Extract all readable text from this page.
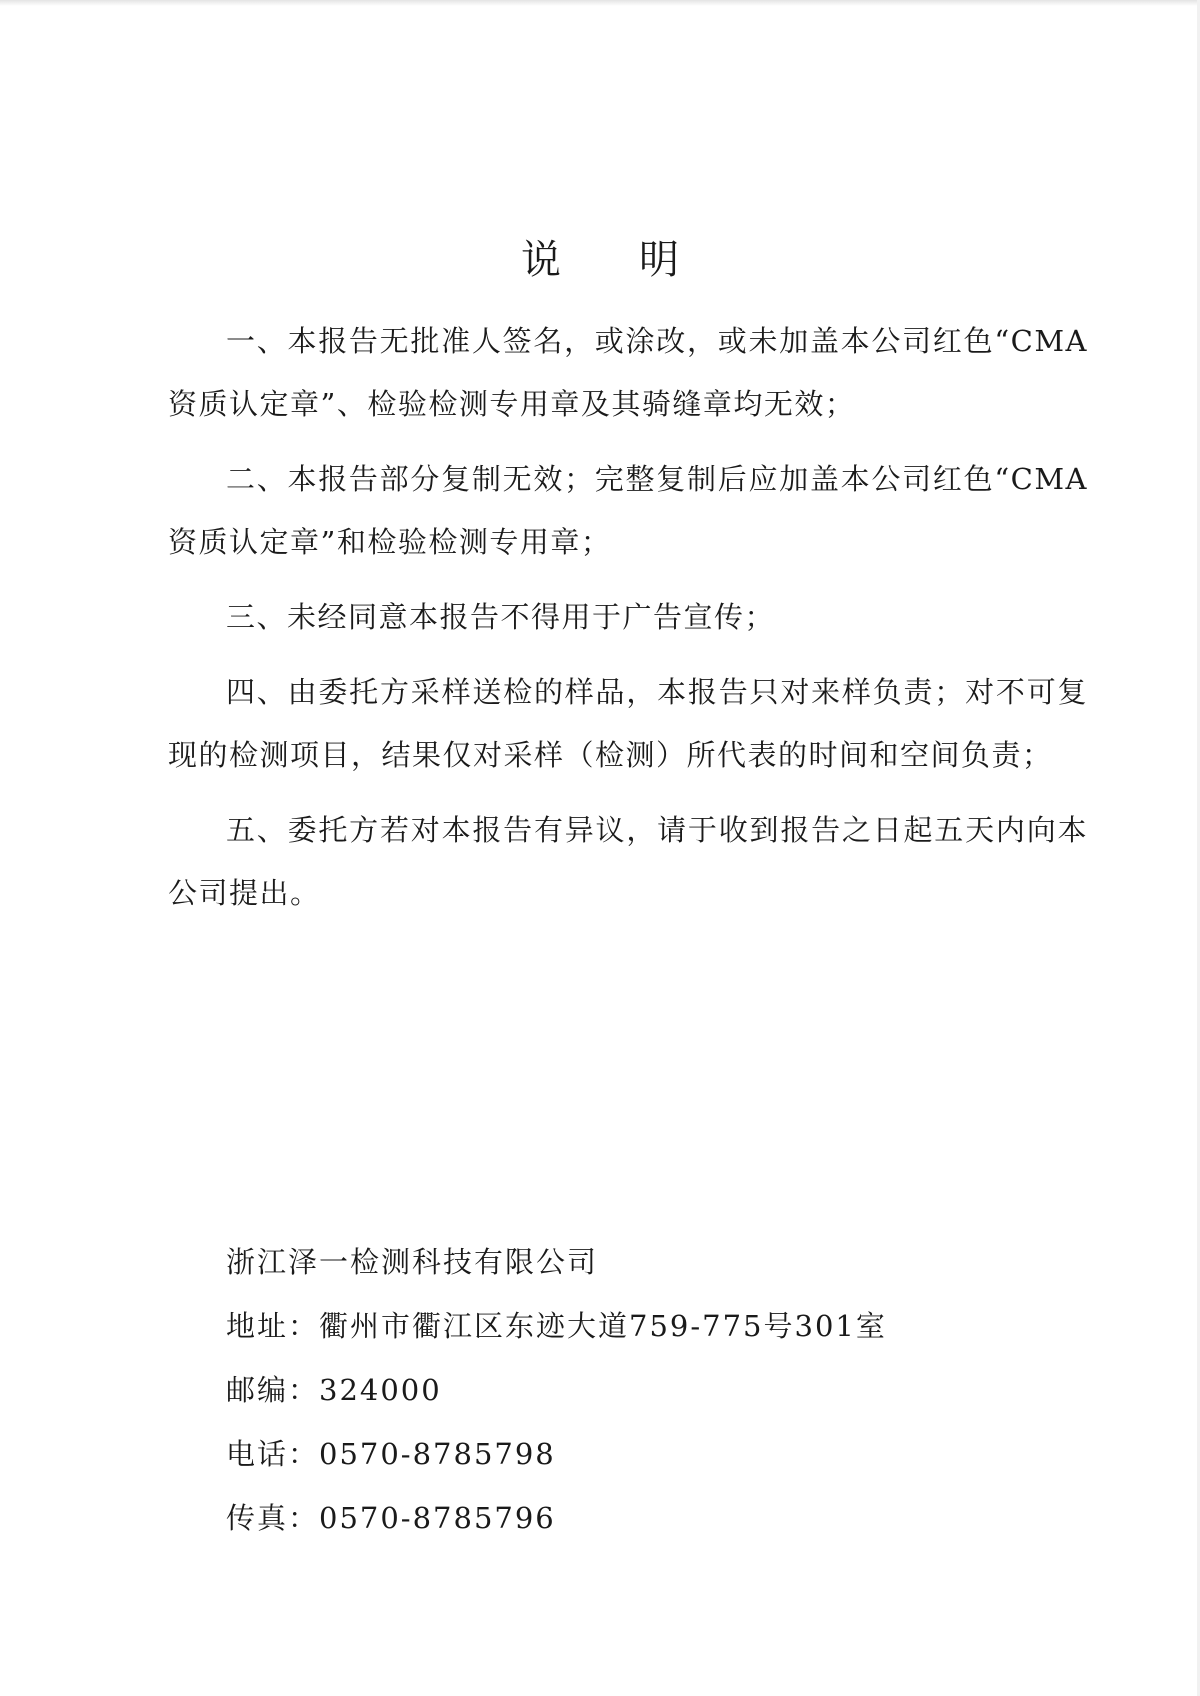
说 明

一、本报告无批准人签名，或涂改，或未加盖本公司红色“CMA资质认定章”、检验检测专用章及其骑缝章均无效；

二、本报告部分复制无效；完整复制后应加盖本公司红色“CMA资质认定章”和检验检测专用章；

三、未经同意本报告不得用于广告宣传；

四、由委托方采样送检的样品，本报告只对来样负责；对不可复现的检测项目，结果仅对采样（检测）所代表的时间和空间负责；

五、委托方若对本报告有异议，请于收到报告之日起五天内向本公司提出。

浙江泽一检测科技有限公司
地址：衢州市衢江区东迹大道759-775号301室
邮编：324000
电话：0570-8785798
传真：0570-8785796
